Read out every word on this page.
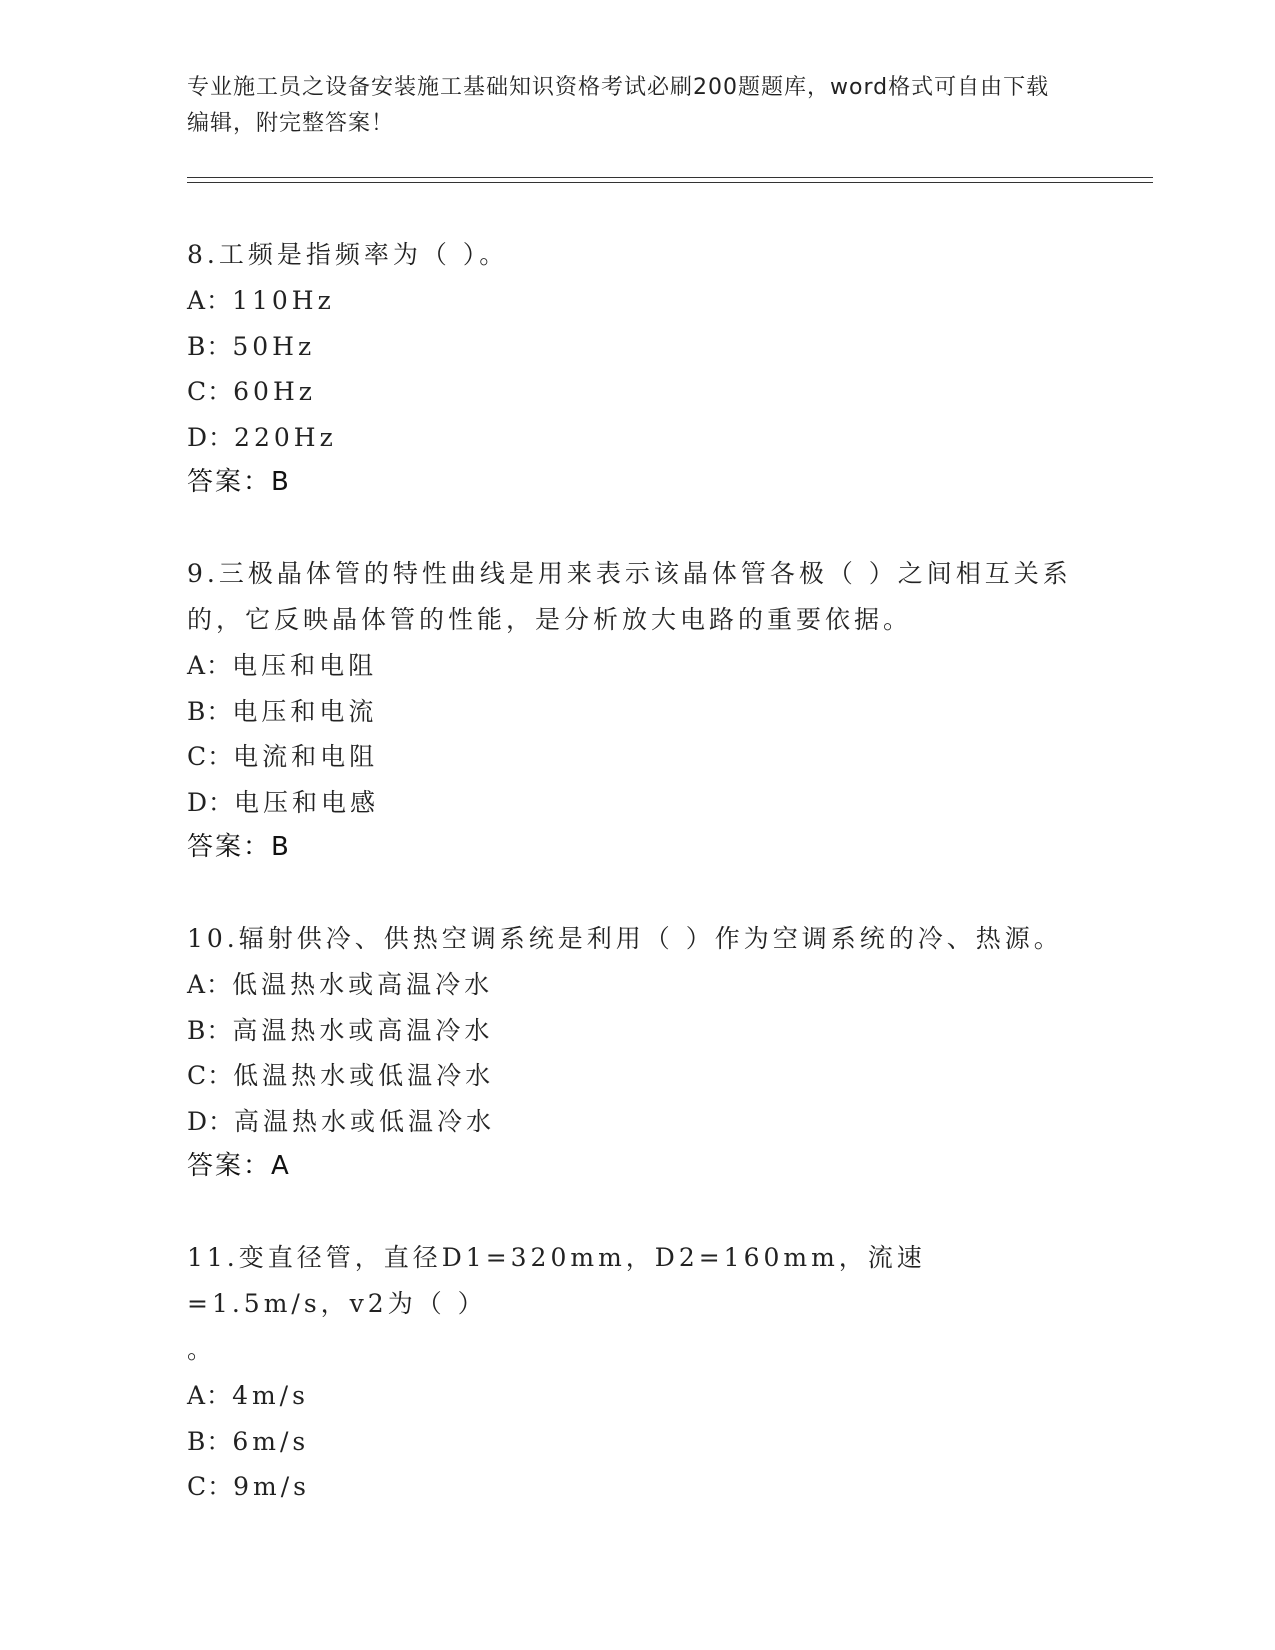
专业施工员之设备安装施工基础知识资格考试必刷200题题库，word格式可自由下载编辑，附完整答案！

8.工频是指频率为（ ）。

A：110Hz

B：50Hz

C：60Hz

D：220Hz

答案：B

9.三极晶体管的特性曲线是用来表示该晶体管各极（ ）之间相互关系的，它反映晶体管的性能，是分析放大电路的重要依据。

A：电压和电阻

B：电压和电流

C：电流和电阻

D：电压和电感

答案：B

10.辐射供冷、供热空调系统是利用（ ）作为空调系统的冷、热源。

A：低温热水或高温冷水

B：高温热水或高温冷水

C：低温热水或低温冷水

D：高温热水或低温冷水

答案：A

11.变直径管，直径D1=320mm，D2=160mm，流速=1.5m/s，v2为（ ）

。

A：4m/s

B：6m/s

C：9m/s
